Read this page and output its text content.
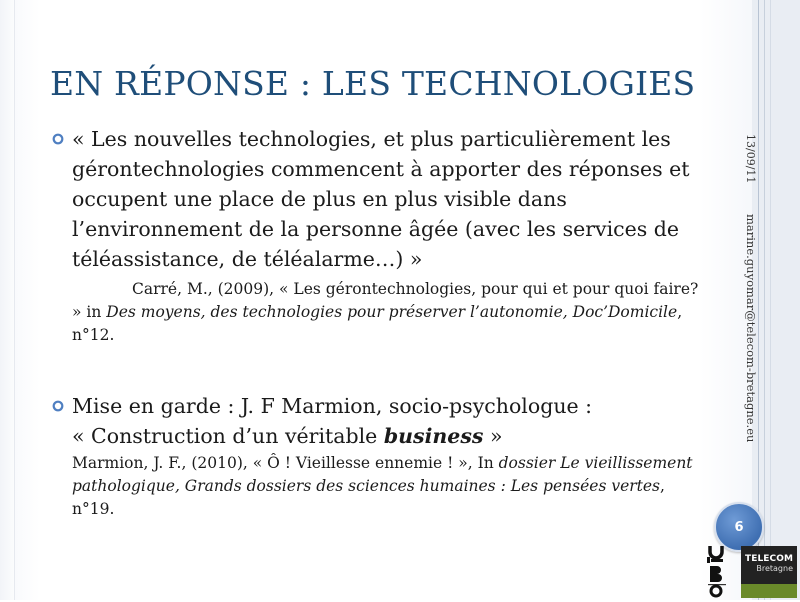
EN RÉPONSE : LES TECHNOLOGIES
« Les nouvelles technologies, et plus particulièrement les gérontechnologies commencent à apporter des réponses et occupent une place de plus en plus visible dans l’environnement de la personne âgée (avec les services de téléassistance, de téléalarme…) »
Carré, M., (2009), « Les gérontechnologies, pour qui et pour quoi faire? » in Des moyens, des technologies pour préserver l’autonomie, Doc’Domicile, n°12.
Mise en garde : J. F Marmion, socio-psychologue :
« Construction d’un véritable business »
Marmion, J. F., (2010), « Ô ! Vieillesse ennemie ! », In dossier Le vieillissement pathologique, Grands dossiers des sciences humaines : Les pensées vertes, n°19.
13/09/11
marine.guyomar@telecom-bretagne.eu
6
TELECOM
Bretagne
